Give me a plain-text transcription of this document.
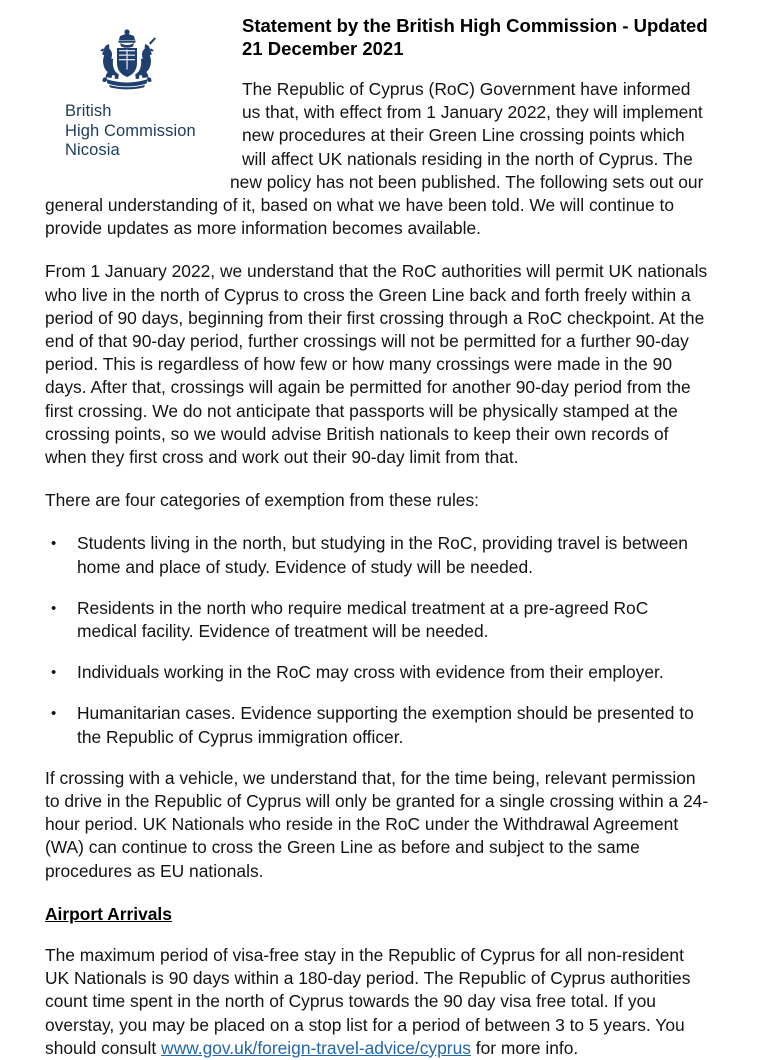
British
High Commission
Nicosia
Statement by the British High Commission - Updated 21 December 2021

The Republic of Cyprus (RoC) Government have informed us that, with effect from 1 January 2022, they will implement new procedures at their Green Line crossing points which will affect UK nationals residing in the north of Cyprus. The new policy has not been published. The following sets out our

general understanding of it, based on what we have been told. We will continue to provide updates as more information becomes available.

From 1 January 2022, we understand that the RoC authorities will permit UK nationals who live in the north of Cyprus to cross the Green Line back and forth freely within a period of 90 days, beginning from their first crossing through a RoC checkpoint. At the end of that 90-day period, further crossings will not be permitted for a further 90-day period. This is regardless of how few or how many crossings were made in the 90 days. After that, crossings will again be permitted for another 90-day period from the first crossing. We do not anticipate that passports will be physically stamped at the crossing points, so we would advise British nationals to keep their own records of when they first cross and work out their 90-day limit from that.

There are four categories of exemption from these rules:

• Students living in the north, but studying in the RoC, providing travel is between home and place of study. Evidence of study will be needed.
• Residents in the north who require medical treatment at a pre-agreed RoC medical facility. Evidence of treatment will be needed.
• Individuals working in the RoC may cross with evidence from their employer.
• Humanitarian cases. Evidence supporting the exemption should be presented to the Republic of Cyprus immigration officer.

If crossing with a vehicle, we understand that, for the time being, relevant permission to drive in the Republic of Cyprus will only be granted for a single crossing within a 24-hour period. UK Nationals who reside in the RoC under the Withdrawal Agreement (WA) can continue to cross the Green Line as before and subject to the same procedures as EU nationals.

Airport Arrivals

The maximum period of visa-free stay in the Republic of Cyprus for all non-resident UK Nationals is 90 days within a 180-day period. The Republic of Cyprus authorities count time spent in the north of Cyprus towards the 90 day visa free total. If you overstay, you may be placed on a stop list for a period of between 3 to 5 years. You should consult www.gov.uk/foreign-travel-advice/cyprus for more info.
